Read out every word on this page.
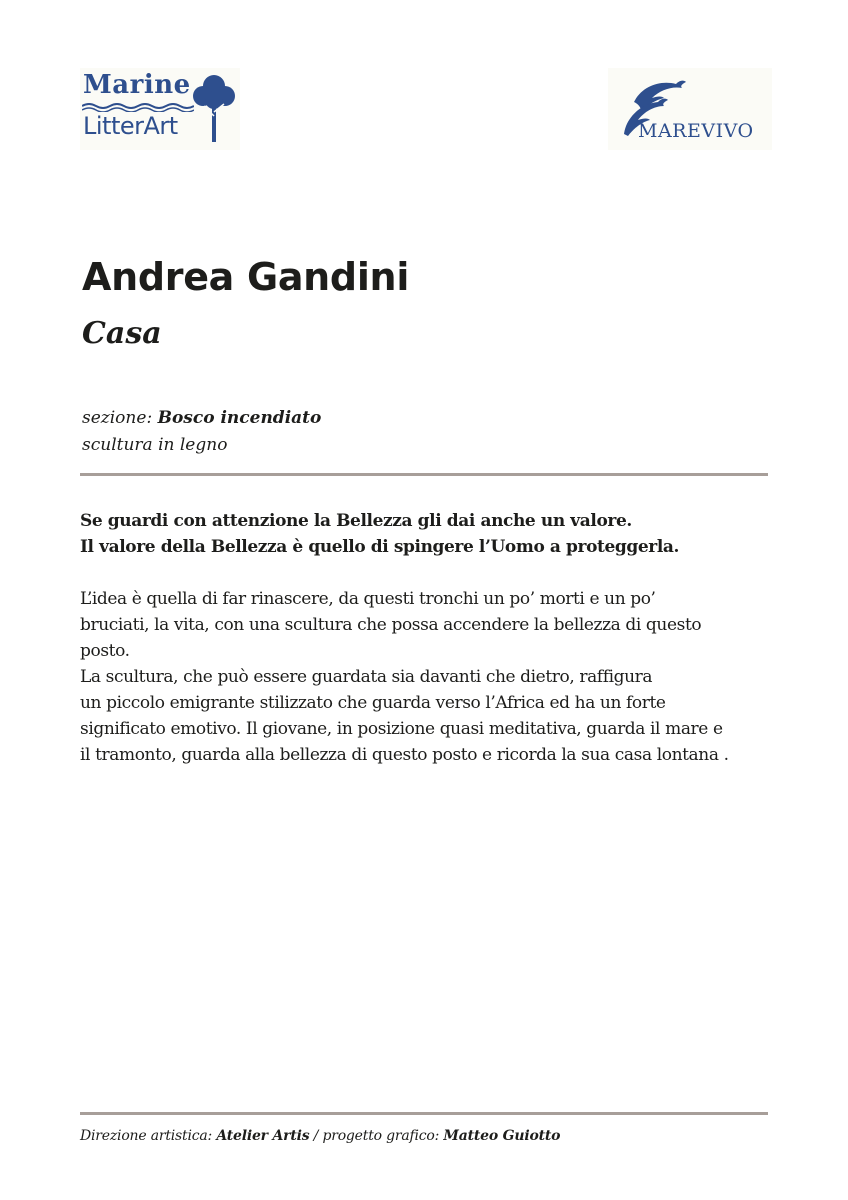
Marine
LitterArt	MAREVIVO
Andrea Gandini
Casa
sezione: Bosco incendiato
scultura in legno

Se guardi con attenzione la Bellezza gli dai anche un valore.
Il valore della Bellezza è quello di spingere l’Uomo a proteggerla.

L’idea è quella di far rinascere, da questi tronchi un po’ morti e un po’
bruciati, la vita, con una scultura che possa accendere la bellezza di questo
posto.

La scultura, che può essere guardata sia davanti che dietro, raffigura
un piccolo emigrante stilizzato che guarda verso l’Africa ed ha un forte
significato emotivo. Il giovane, in posizione quasi meditativa, guarda il mare e
il tramonto, guarda alla bellezza di questo posto e ricorda la sua casa lontana .

Direzione artistica: Atelier Artis / progetto grafico: Matteo Guiotto
